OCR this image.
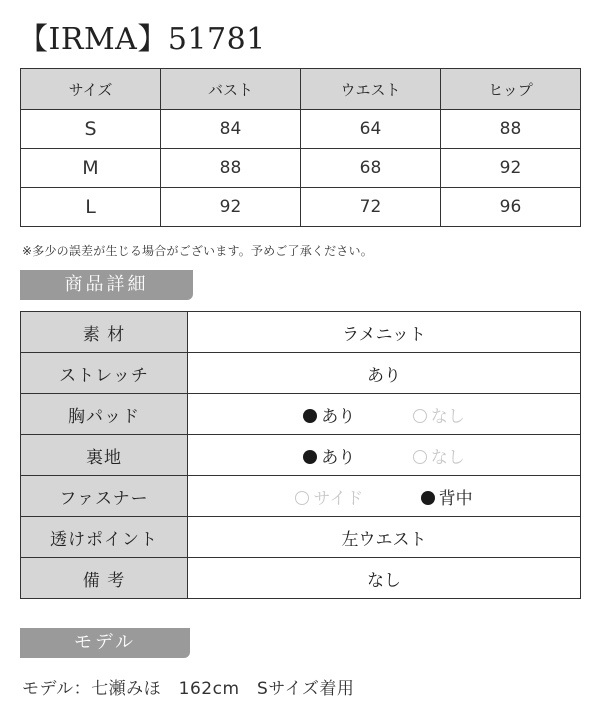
【IRMA】51781
サイズ	バスト	ウエスト	ヒップ
S	84	64	88
M	88	68	92
L	92	72	96
※多少の誤差が生じる場合がございます。予めご了承ください。
商品詳細
素 材	ラメニット
ストレッチ	あり
胸パッド	あり なし
裏地	あり なし
ファスナー	サイド 背中
透けポイント	左ウエスト
備 考	なし
モデル
モデル：七瀬みほ　162cm　Sサイズ着用
